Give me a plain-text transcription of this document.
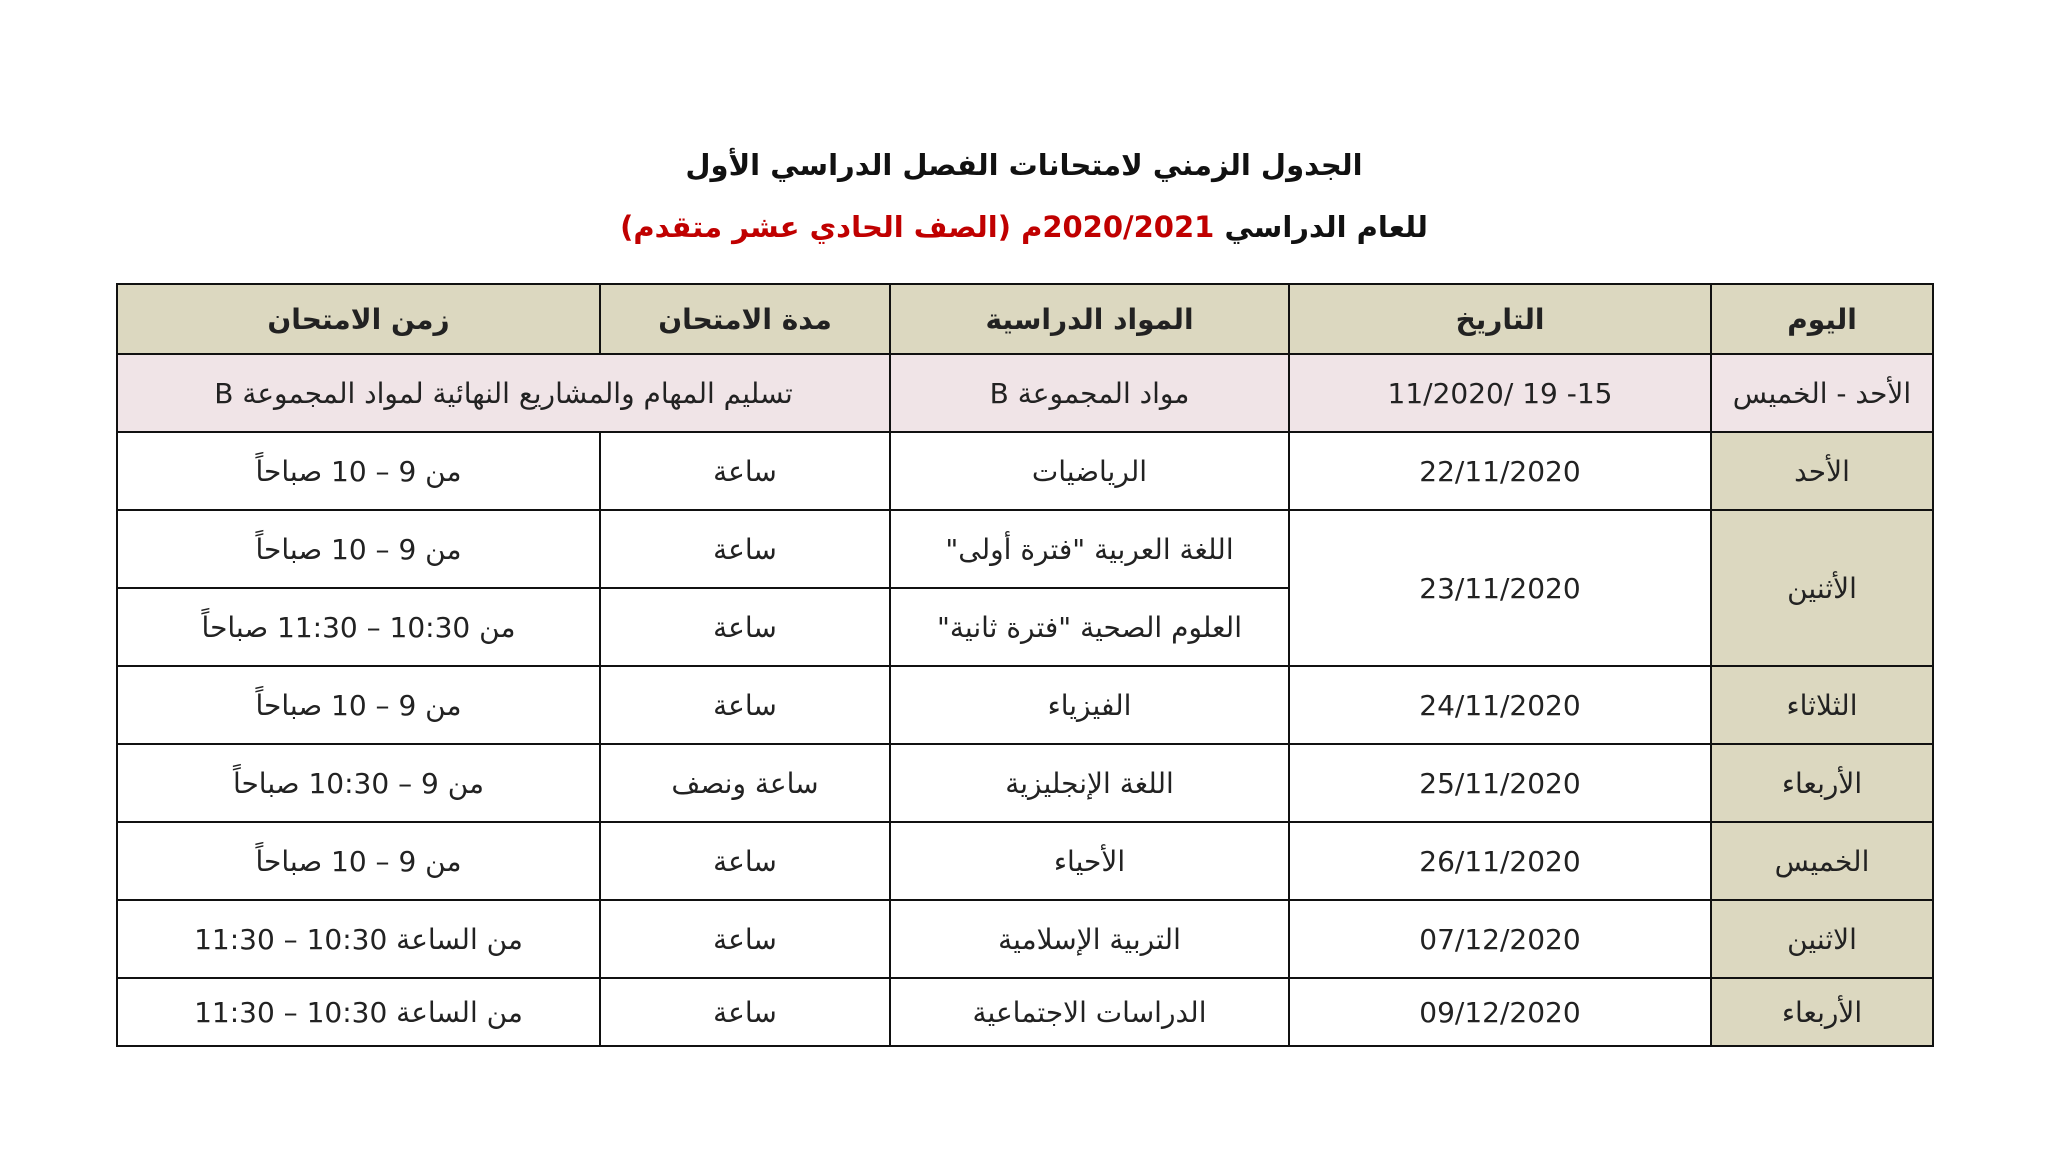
الجدول الزمني لامتحانات الفصل الدراسي الأول
للعام الدراسي 2020/2021م (الصف الحادي عشر متقدم)
اليوم	التاريخ	المواد الدراسية	مدة الامتحان	زمن الامتحان
الأحد - الخميس	15- 19 /11/2020	مواد المجموعة B	تسليم المهام والمشاريع النهائية لمواد المجموعة B	
الأحد	22/11/2020	الرياضيات	ساعة	من 9 – 10 صباحاً
الأثنين	23/11/2020	اللغة العربية "فترة أولى"	ساعة	من 9 – 10 صباحاً
		العلوم الصحية "فترة ثانية"	ساعة	من 10:30 – 11:30 صباحاً
الثلاثاء	24/11/2020	الفيزياء	ساعة	من 9 – 10 صباحاً
الأربعاء	25/11/2020	اللغة الإنجليزية	ساعة ونصف	من 9 – 10:30 صباحاً
الخميس	26/11/2020	الأحياء	ساعة	من 9 – 10 صباحاً
الاثنين	07/12/2020	التربية الإسلامية	ساعة	من الساعة 10:30 – 11:30
الأربعاء	09/12/2020	الدراسات الاجتماعية	ساعة	من الساعة 10:30 – 11:30
